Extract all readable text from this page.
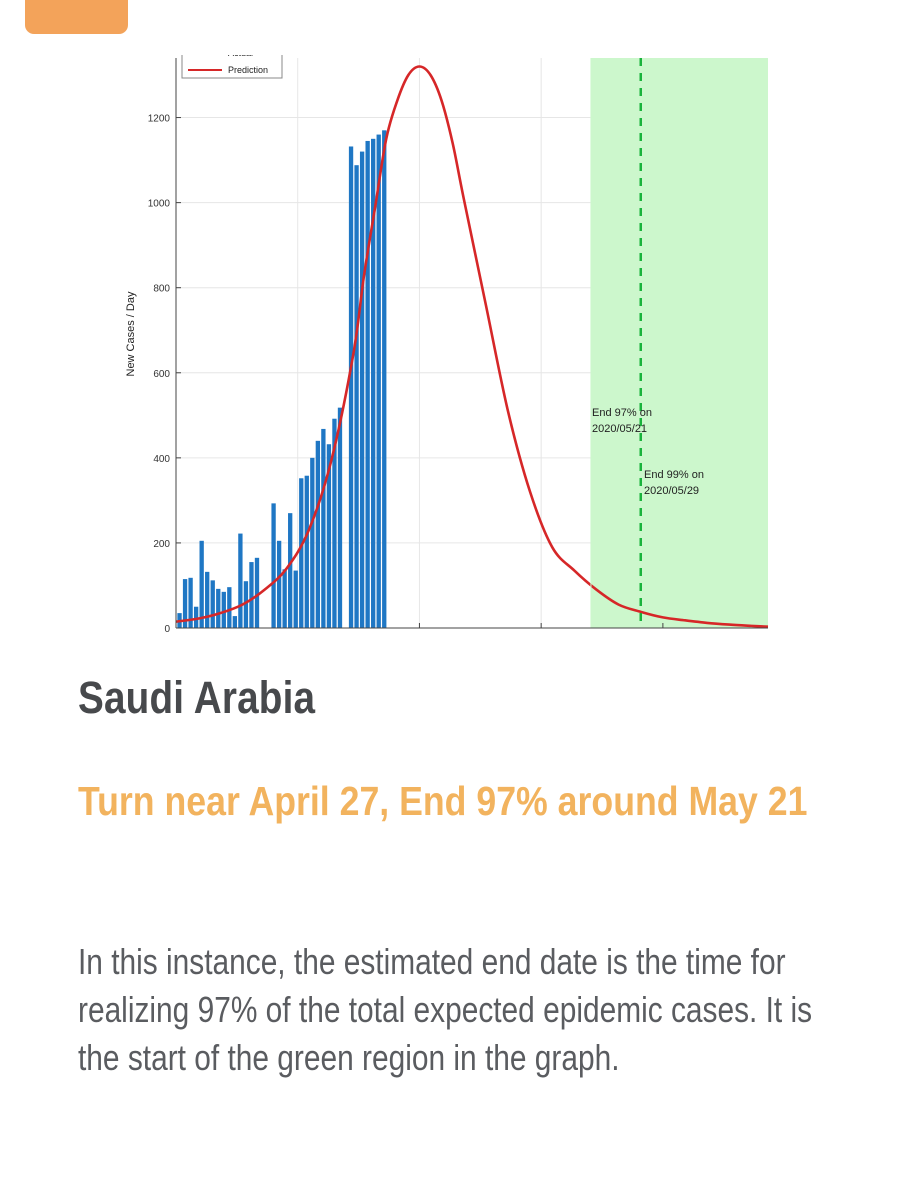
End 97% on
2020/05/21
End 99% on
2020/05/29
0
200
400
600
800
1000
1200
New Cases / Day
Prediction
Saudi Arabia
Turn near April 27, End 97% around May 21

In this instance, the estimated end date is the time for realizing 97% of the total expected epidemic cases. It is the start of the green region in the graph.
